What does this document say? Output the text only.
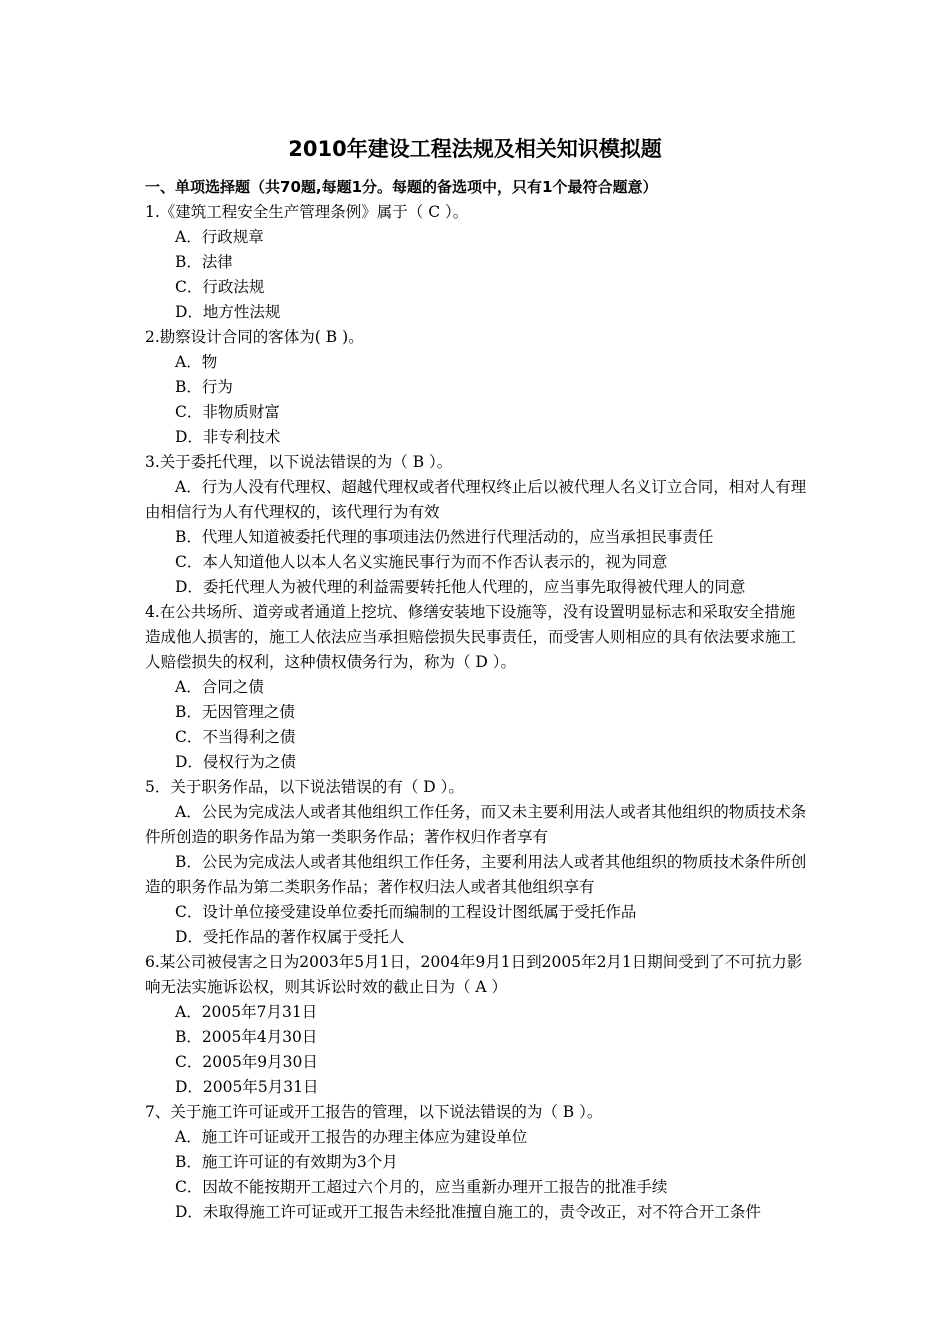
2010年建设工程法规及相关知识模拟题
一、单项选择题（共70题,每题1分。每题的备选项中，只有1个最符合题意）

1.《建筑工程安全生产管理条例》属于（ C ）。

A．行政规章

B．法律

C．行政法规

D．地方性法规

2.勘察设计合同的客体为( B )。

A．物

B．行为

C．非物质财富

D．非专利技术

3.关于委托代理，以下说法错误的为（ B ）。

A．行为人没有代理权、超越代理权或者代理权终止后以被代理人名义订立合同，相对人有理由相信行为人有代理权的，该代理行为有效

B．代理人知道被委托代理的事项违法仍然进行代理活动的，应当承担民事责任

C．本人知道他人以本人名义实施民事行为而不作否认表示的，视为同意

D．委托代理人为被代理的利益需要转托他人代理的，应当事先取得被代理人的同意

4.在公共场所、道旁或者通道上挖坑、修缮安装地下设施等，没有设置明显标志和采取安全措施造成他人损害的，施工人依法应当承担赔偿损失民事责任，而受害人则相应的具有依法要求施工人赔偿损失的权利，这种债权债务行为，称为（ D ）。

A．合同之债

B．无因管理之债

C．不当得利之债

D．侵权行为之债

5．关于职务作品，以下说法错误的有（ D ）。

A．公民为完成法人或者其他组织工作任务，而又未主要利用法人或者其他组织的物质技术条件所创造的职务作品为第一类职务作品；著作权归作者享有

B．公民为完成法人或者其他组织工作任务，主要利用法人或者其他组织的物质技术条件所创造的职务作品为第二类职务作品；著作权归法人或者其他组织享有

C．设计单位接受建设单位委托而编制的工程设计图纸属于受托作品

D．受托作品的著作权属于受托人

6.某公司被侵害之日为2003年5月1日，2004年9月1日到2005年2月1日期间受到了不可抗力影响无法实施诉讼权，则其诉讼时效的截止日为（ A ）

A．2005年7月31日

B．2005年4月30日

C．2005年9月30日

D．2005年5月31日

7、关于施工许可证或开工报告的管理，以下说法错误的为（ B ）。

A．施工许可证或开工报告的办理主体应为建设单位

B．施工许可证的有效期为3个月

C．因故不能按期开工超过六个月的，应当重新办理开工报告的批准手续

D．未取得施工许可证或开工报告未经批准擅自施工的，责令改正，对不符合开工条件
